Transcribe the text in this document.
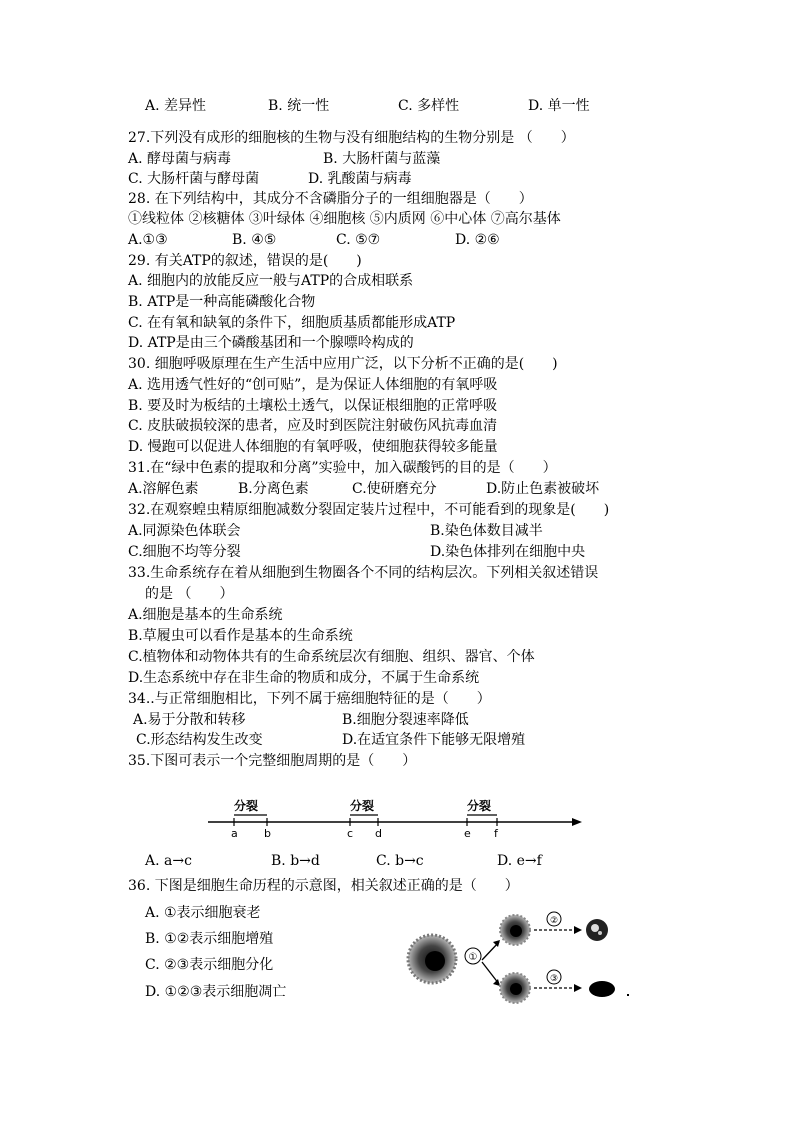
A. 差异性	B. 统一性	C. 多样性	D. 单一性
27.下列没有成形的细胞核的生物与没有细胞结构的生物分别是 （　　）
A. 酵母菌与病毒	B. 大肠杆菌与蓝藻
C. 大肠杆菌与酵母菌	D. 乳酸菌与病毒
28. 在下列结构中，其成分不含磷脂分子的一组细胞器是（　　）
①线粒体 ②核糖体 ③叶绿体 ④细胞核 ⑤内质网 ⑥中心体 ⑦高尔基体
A.①③	B. ④⑤	C. ⑤⑦	D. ②⑥
29. 有关ATP的叙述，错误的是(　　)
A. 细胞内的放能反应一般与ATP的合成相联系
B. ATP是一种高能磷酸化合物
C. 在有氧和缺氧的条件下，细胞质基质都能形成ATP
D. ATP是由三个磷酸基团和一个腺嘌呤构成的
30. 细胞呼吸原理在生产生活中应用广泛，以下分析不正确的是(　　)
A. 选用透气性好的“创可贴”，是为保证人体细胞的有氧呼吸
B. 要及时为板结的土壤松土透气，以保证根细胞的正常呼吸
C. 皮肤破损较深的患者，应及时到医院注射破伤风抗毒血清
D. 慢跑可以促进人体细胞的有氧呼吸，使细胞获得较多能量
31.在“绿中色素的提取和分离”实验中，加入碳酸钙的目的是（　　）
A.溶解色素	B.分离色素	C.使研磨充分	D.防止色素被破坏
32.在观察蝗虫精原细胞减数分裂固定装片过程中，不可能看到的现象是(　　)
A.同源染色体联会	B.染色体数目减半
C.细胞不均等分裂	D.染色体排列在细胞中央
33.生命系统存在着从细胞到生物圈各个不同的结构层次。下列相关叙述错误
的是 （　　）
A.细胞是基本的生命系统
B.草履虫可以看作是基本的生命系统
C.植物体和动物体共有的生命系统层次有细胞、组织、器官、个体
D.生态系统中存在非生命的物质和成分，不属于生命系统
34..与正常细胞相比，下列不属于癌细胞特征的是（　　）
A.易于分散和转移	B.细胞分裂速率降低
C.形态结构发生改变	D.在适宜条件下能够无限增殖
35.下图可表示一个完整细胞周期的是（　　）
分裂	分裂	分裂
a b	c d	e f
A. a→c	B. b→d	C. b→c	D. e→f
36. 下图是细胞生命历程的示意图，相关叙述正确的是（　　）
A. ①表示细胞衰老
B. ①②表示细胞增殖
C. ②③表示细胞分化
D. ①②③表示细胞凋亡
①
②
③
